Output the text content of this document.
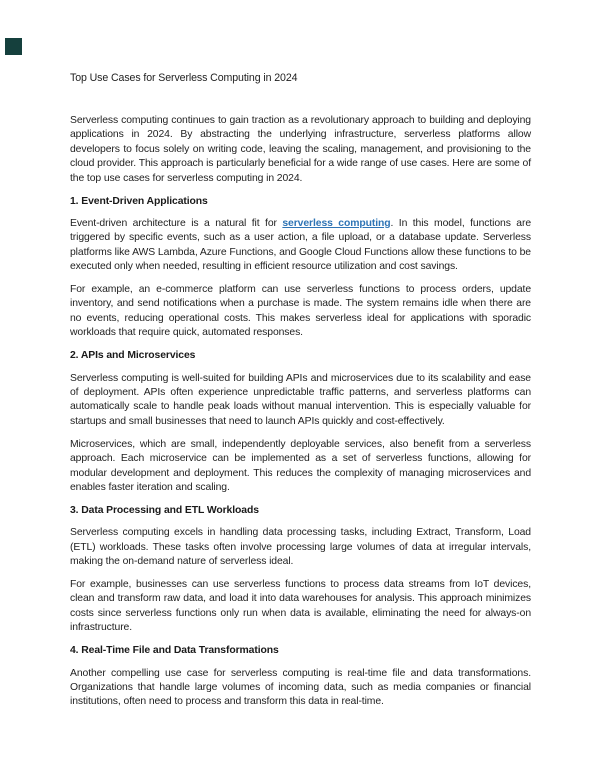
Top Use Cases for Serverless Computing in 2024

Serverless computing continues to gain traction as a revolutionary approach to building and deploying applications in 2024. By abstracting the underlying infrastructure, serverless platforms allow developers to focus solely on writing code, leaving the scaling, management, and provisioning to the cloud provider. This approach is particularly beneficial for a wide range of use cases. Here are some of the top use cases for serverless computing in 2024.

1. Event-Driven Applications

Event-driven architecture is a natural fit for serverless computing. In this model, functions are triggered by specific events, such as a user action, a file upload, or a database update. Serverless platforms like AWS Lambda, Azure Functions, and Google Cloud Functions allow these functions to be executed only when needed, resulting in efficient resource utilization and cost savings.

For example, an e-commerce platform can use serverless functions to process orders, update inventory, and send notifications when a purchase is made. The system remains idle when there are no events, reducing operational costs. This makes serverless ideal for applications with sporadic workloads that require quick, automated responses.

2. APIs and Microservices

Serverless computing is well-suited for building APIs and microservices due to its scalability and ease of deployment. APIs often experience unpredictable traffic patterns, and serverless platforms can automatically scale to handle peak loads without manual intervention. This is especially valuable for startups and small businesses that need to launch APIs quickly and cost-effectively.

Microservices, which are small, independently deployable services, also benefit from a serverless approach. Each microservice can be implemented as a set of serverless functions, allowing for modular development and deployment. This reduces the complexity of managing microservices and enables faster iteration and scaling.

3. Data Processing and ETL Workloads

Serverless computing excels in handling data processing tasks, including Extract, Transform, Load (ETL) workloads. These tasks often involve processing large volumes of data at irregular intervals, making the on-demand nature of serverless ideal.

For example, businesses can use serverless functions to process data streams from IoT devices, clean and transform raw data, and load it into data warehouses for analysis. This approach minimizes costs since serverless functions only run when data is available, eliminating the need for always-on infrastructure.

4. Real-Time File and Data Transformations

Another compelling use case for serverless computing is real-time file and data transformations. Organizations that handle large volumes of incoming data, such as media companies or financial institutions, often need to process and transform this data in real-time.
